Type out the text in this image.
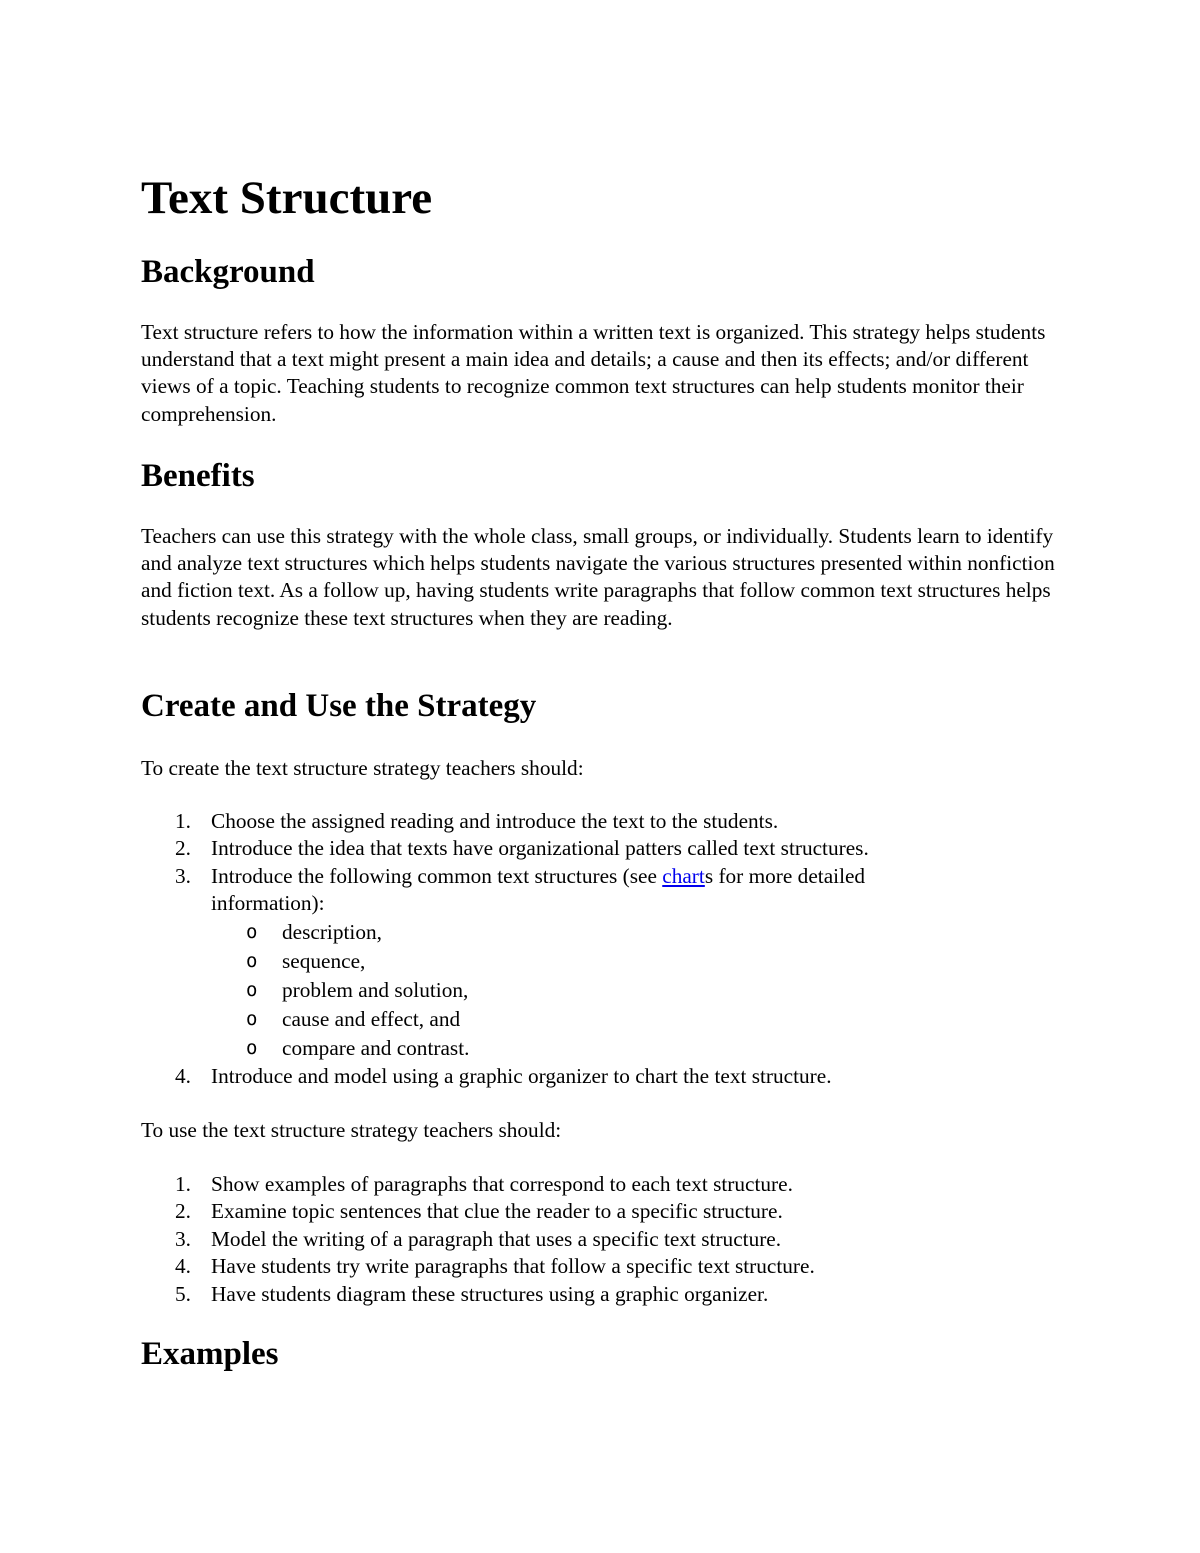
Text Structure
Background

Text structure refers to how the information within a written text is organized. This strategy helps students understand that a text might present a main idea and details; a cause and then its effects; and/or different views of a topic. Teaching students to recognize common text structures can help students monitor their comprehension.

Benefits

Teachers can use this strategy with the whole class, small groups, or individually. Students learn to identify and analyze text structures which helps students navigate the various structures presented within nonfiction and fiction text. As a follow up, having students write paragraphs that follow common text structures helps students recognize these text structures when they are reading.

Create and Use the Strategy
To create the text structure strategy teachers should:
1. Choose the assigned reading and introduce the text to the students.
2. Introduce the idea that texts have organizational patters called text structures.
3. Introduce the following common text structures (see charts for more detailed information):
o description,
o sequence,
o problem and solution,
o cause and effect, and
o compare and contrast.
4. Introduce and model using a graphic organizer to chart the text structure.
To use the text structure strategy teachers should:
1. Show examples of paragraphs that correspond to each text structure.
2. Examine topic sentences that clue the reader to a specific structure.
3. Model the writing of a paragraph that uses a specific text structure.
4. Have students try write paragraphs that follow a specific text structure.
5. Have students diagram these structures using a graphic organizer.
Examples
